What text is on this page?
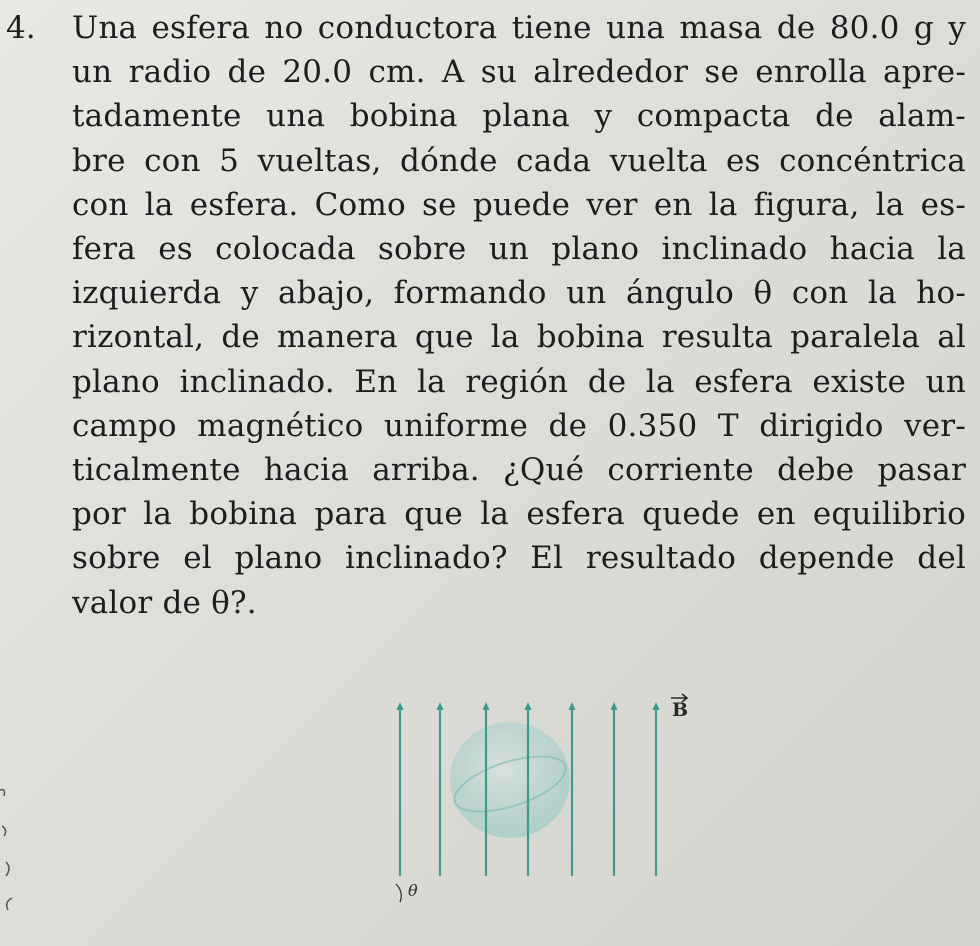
4. Una esfera no conductora tiene una masa de 80.0 g y
un radio de 20.0 cm. A su alrededor se enrolla apre-
tadamente una bobina plana y compacta de alam-
bre con 5 vueltas, dónde cada vuelta es concéntrica
con la esfera. Como se puede ver en la figura, la es-
fera es colocada sobre un plano inclinado hacia la
izquierda y abajo, formando un ángulo θ con la ho-
rizontal, de manera que la bobina resulta paralela al
plano inclinado. En la región de la esfera existe un
campo magnético uniforme de 0.350 T dirigido ver-
ticalmente hacia arriba. ¿Qué corriente debe pasar
por la bobina para que la esfera quede en equilibrio
sobre el plano inclinado? El resultado depende del
valor de θ?.
B
θ
